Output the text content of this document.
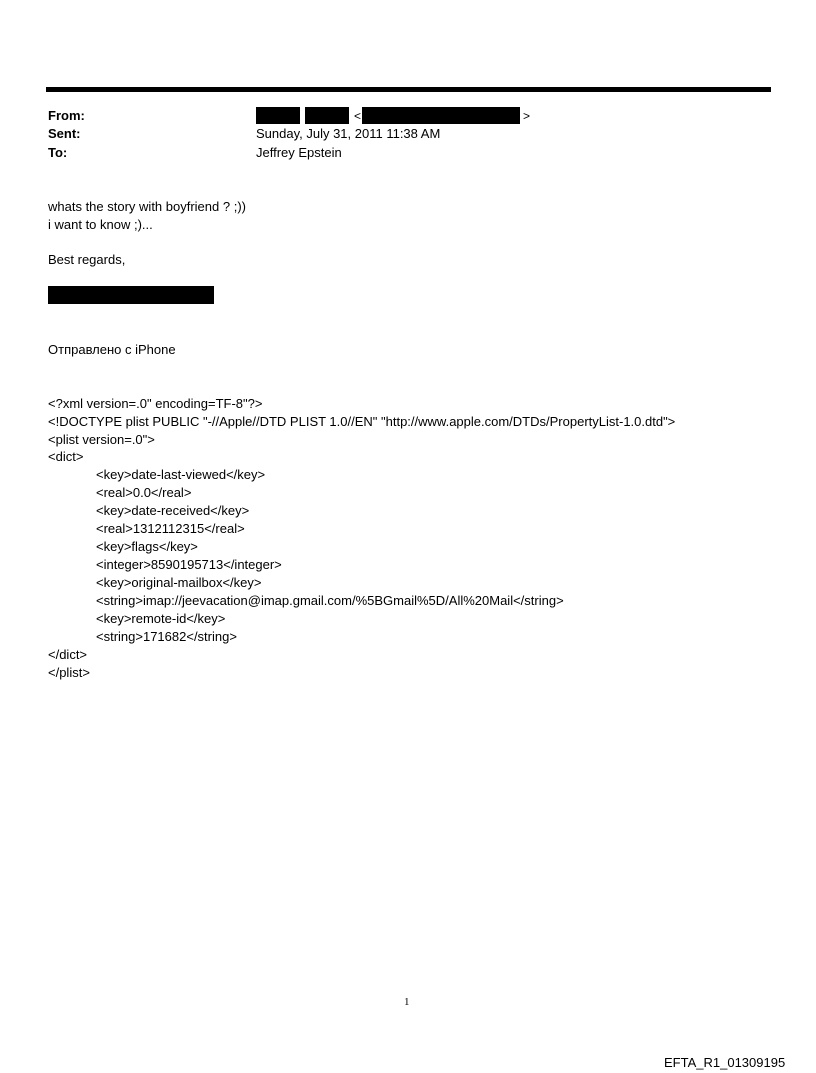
From:	<	>
Sent:	Sunday, July 31, 2011 11:38 AM
To:	Jeffrey Epstein
whats the story with boyfriend ? ;))
i want to know ;)...
Best regards,
Отправлено с iPhone
<?xml version=.0" encoding=TF-8"?>
<!DOCTYPE plist PUBLIC "-//Apple//DTD PLIST 1.0//EN" "http://www.apple.com/DTDs/PropertyList-1.0.dtd">
<plist version=.0">
<dict>
<key>date-last-viewed</key>
<real>0.0</real>
<key>date-received</key>
<real>1312112315</real>
<key>flags</key>
<integer>8590195713</integer>
<key>original-mailbox</key>
<string>imap://jeevacation@imap.gmail.com/%5BGmail%5D/All%20Mail</string>
<key>remote-id</key>
<string>171682</string>
</dict>
</plist>
1
EFTA_R1_01309195
